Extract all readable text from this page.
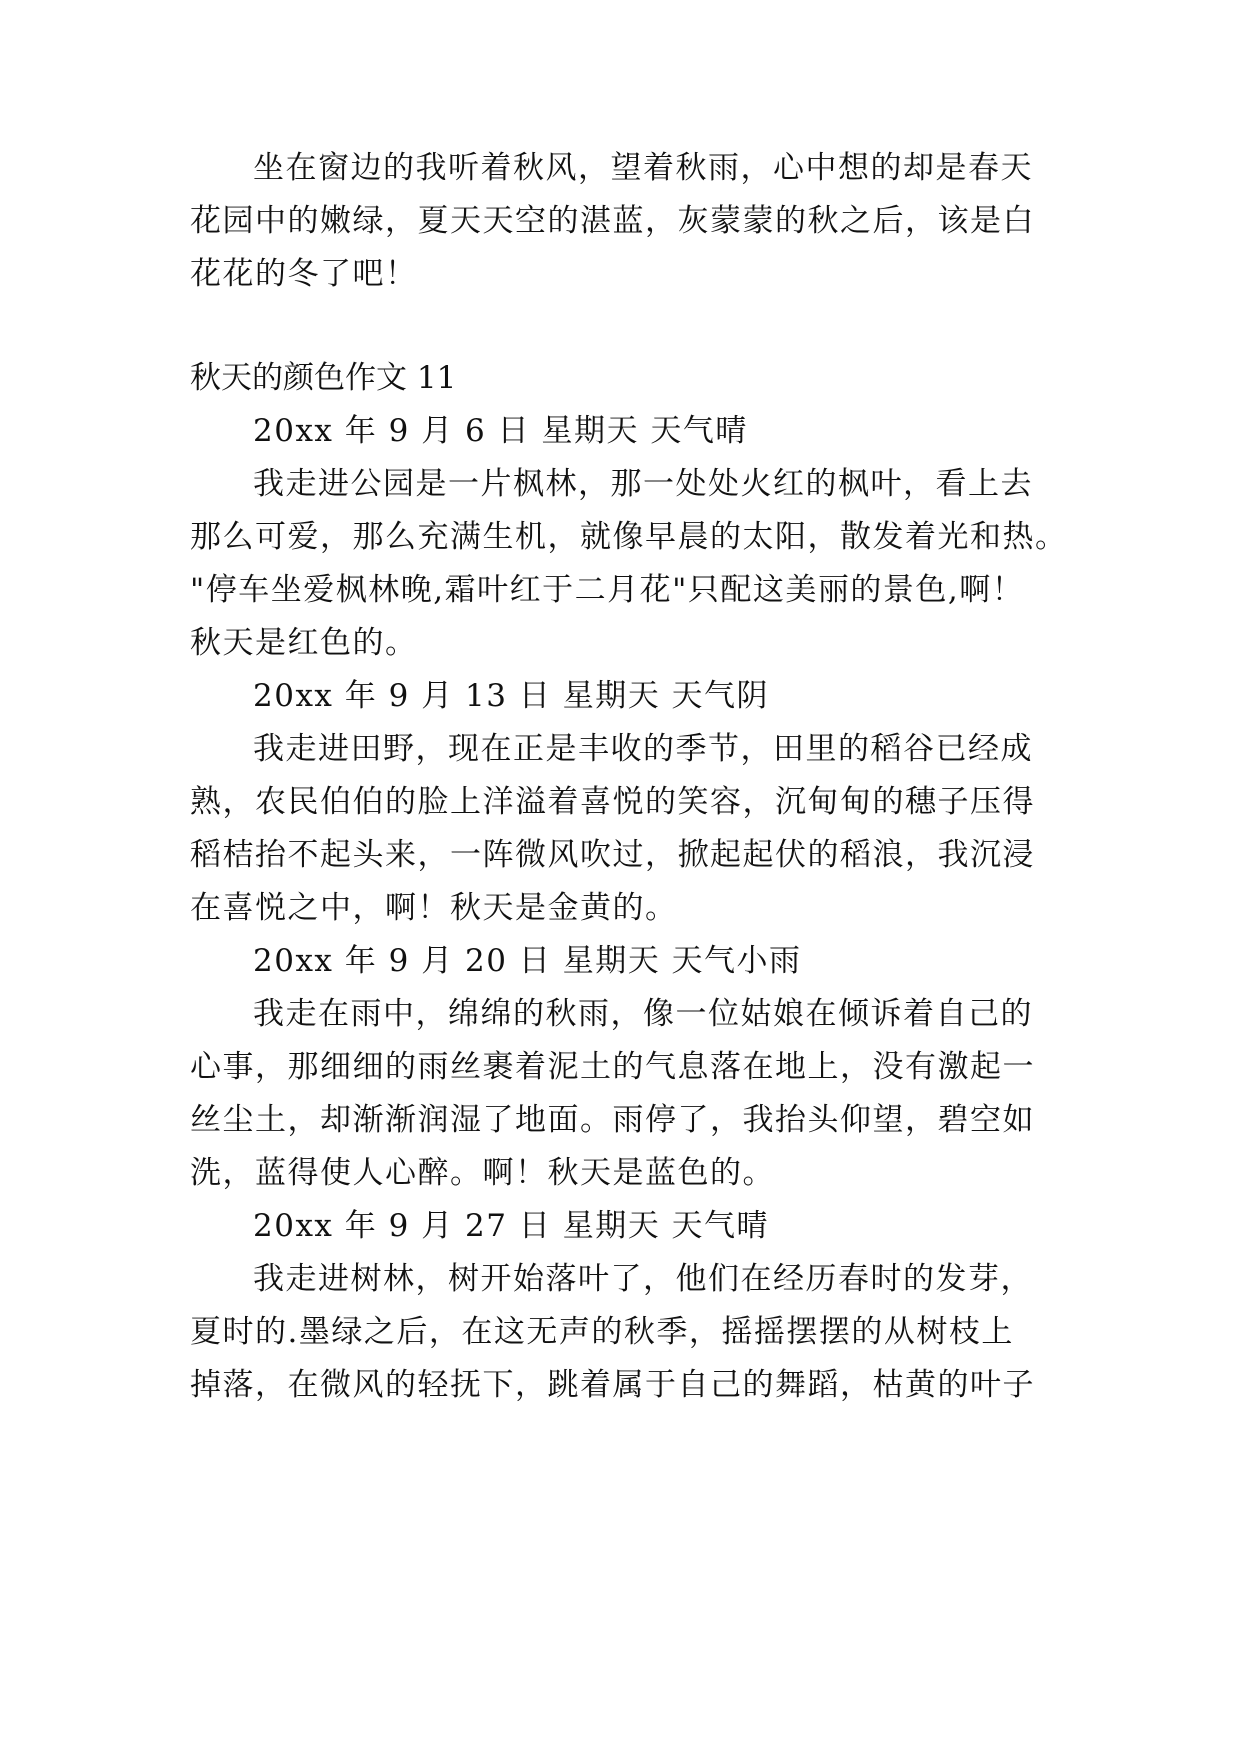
坐在窗边的我听着秋风，望着秋雨，心中想的却是春天
花园中的嫩绿，夏天天空的湛蓝，灰蒙蒙的秋之后，该是白
花花的冬了吧！
秋天的颜色作文 11
20xx 年 9 月 6 日 星期天 天气晴
我走进公园是一片枫林，那一处处火红的枫叶，看上去
那么可爱，那么充满生机，就像早晨的太阳，散发着光和热。
"停车坐爱枫林晚,霜叶红于二月花"只配这美丽的景色,啊！
秋天是红色的。
20xx 年 9 月 13 日 星期天 天气阴
我走进田野，现在正是丰收的季节，田里的稻谷已经成
熟，农民伯伯的脸上洋溢着喜悦的笑容，沉甸甸的穗子压得
稻桔抬不起头来，一阵微风吹过，掀起起伏的稻浪，我沉浸
在喜悦之中，啊！秋天是金黄的。
20xx 年 9 月 20 日 星期天 天气小雨
我走在雨中，绵绵的秋雨，像一位姑娘在倾诉着自己的
心事，那细细的雨丝裹着泥土的气息落在地上，没有激起一
丝尘土，却渐渐润湿了地面。雨停了，我抬头仰望，碧空如
洗，蓝得使人心醉。啊！秋天是蓝色的。
20xx 年 9 月 27 日 星期天 天气晴
我走进树林，树开始落叶了，他们在经历春时的发芽，
夏时的.墨绿之后，在这无声的秋季，摇摇摆摆的从树枝上
掉落，在微风的轻抚下，跳着属于自己的舞蹈，枯黄的叶子
